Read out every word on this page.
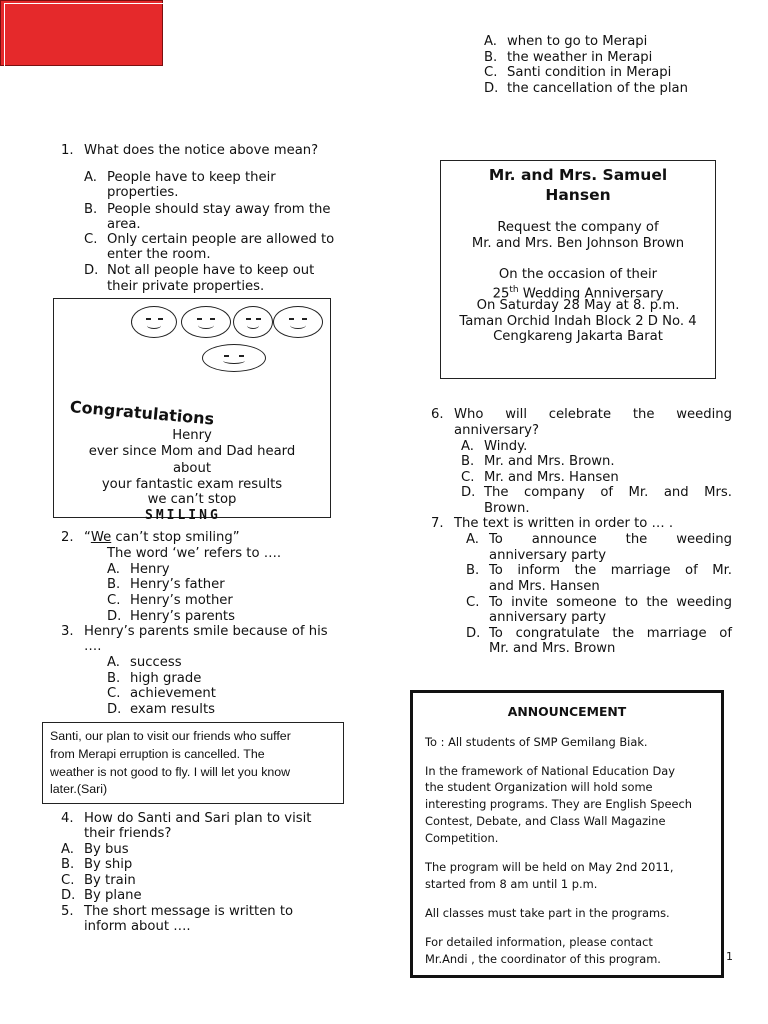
NOTICE
Private
property
KEEP OUT
1. What does the notice above mean?
A. People have to keep their
properties.
B. People should stay away from the
area.
C. Only certain people are allowed to
enter the room.
D. Not all people have to keep out
their private properties.
Congratulations
Henry
ever since Mom and Dad heard
about
your fantastic exam results
we can’t stop
SMILING
2. “We can’t stop smiling”
The word ‘we’ refers to ….
A. Henry
B. Henry’s father
C. Henry’s mother
D. Henry’s parents
3. Henry’s parents smile because of his
….
A. success
B. high grade
C. achievement
D. exam results
Santi, our plan to visit our friends who suffer
from Merapi erruption is cancelled. The
weather is not good to fly. I will let you know
later.(Sari)
4. How do Santi and Sari plan to visit
their friends?
A. By bus
B. By ship
C. By train
D. By plane
5. The short message is written to
inform about ….
A. when to go to Merapi
B. the weather in Merapi
C. Santi condition in Merapi
D. the cancellation of the plan
Mr. and Mrs. Samuel
Hansen
Request the company of
Mr. and Mrs. Ben Johnson Brown
On the occasion of their
25th Wedding Anniversary
On Saturday 28 May at 8. p.m.
Taman Orchid Indah Block 2 D No. 4
Cengkareng Jakarta Barat
6. Who will celebrate the weeding
anniversary?
A. Windy.
B. Mr. and Mrs. Brown.
C. Mr. and Mrs. Hansen
D. The company of Mr. and Mrs.
Brown.
7. The text is written in order to … .
A. To announce the weeding
anniversary party
B. To inform the marriage of Mr.
and Mrs. Hansen
C. To invite someone to the weeding
anniversary party
D. To congratulate the marriage of
Mr. and Mrs. Brown
ANNOUNCEMENT
To : All students of SMP Gemilang Biak.
In the framework of National Education Day
the student Organization will hold some
interesting programs. They are English Speech
Contest, Debate, and Class Wall Magazine
Competition.
The program will be held on May 2nd 2011,
started from 8 am until 1 p.m.
All classes must take part in the programs.
For detailed information, please contact
Mr.Andi , the coordinator of this program.	1
